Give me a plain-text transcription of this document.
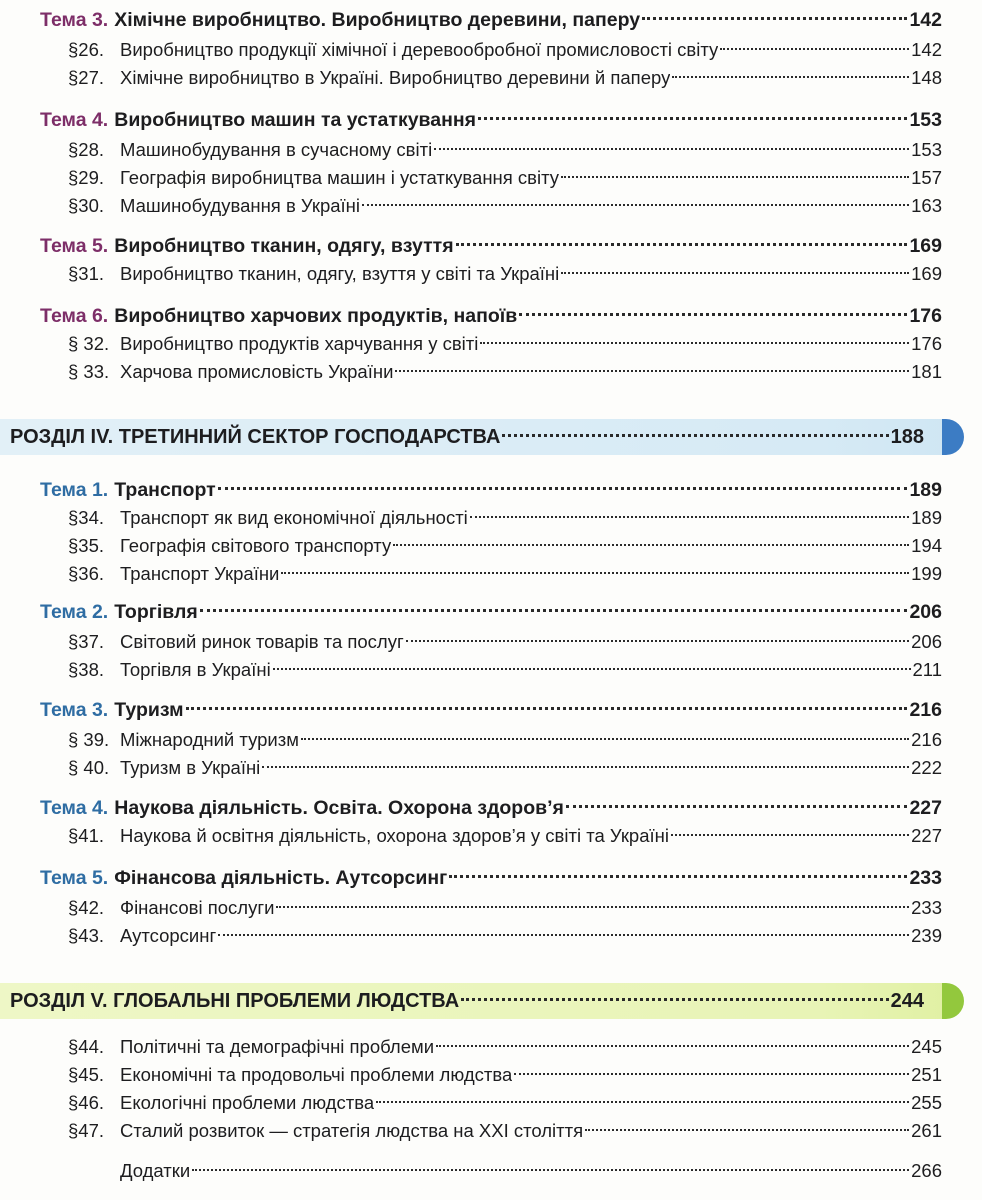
Тема 3. Хімічне виробництво. Виробництво деревини, паперу	142
§26. Виробництво продукції хімічної і деревообробної промисловості світу	142
§27. Хімічне виробництво в Україні. Виробництво деревини й паперу	148
Тема 4. Виробництво машин та устаткування	153
§28. Машинобудування в сучасному світі	153
§29. Географія виробництва машин і устаткування світу	157
§30. Машинобудування в Україні	163
Тема 5. Виробництво тканин, одягу, взуття	169
§31. Виробництво тканин, одягу, взуття у світі та Україні	169
Тема 6. Виробництво харчових продуктів, напоїв	176
§ 32. Виробництво продуктів харчування у світі	176
§ 33. Харчова промисловість України	181
РОЗДІЛ IV. ТРЕТИННИЙ СЕКТОР ГОСПОДАРСТВА	188
Тема 1. Транспорт	189
§34. Транспорт як вид економічної діяльності	189
§35. Географія світового транспорту	194
§36. Транспорт України	199
Тема 2. Торгівля	206
§37. Світовий ринок товарів та послуг	206
§38. Торгівля в Україні	211
Тема 3. Туризм	216
§ 39. Міжнародний туризм	216
§ 40. Туризм в Україні	222
Тема 4. Наукова діяльність. Освіта. Охорона здоров’я	227
§41. Наукова й освітня діяльність, охорона здоров’я у світі та Україні	227
Тема 5. Фінансова діяльність. Аутсорсинг	233
§42. Фінансові послуги	233
§43. Аутсорсинг	239
РОЗДІЛ V. ГЛОБАЛЬНІ ПРОБЛЕМИ ЛЮДСТВА	244
§44. Політичні та демографічні проблеми	245
§45. Економічні та продовольчі проблеми людства	251
§46. Екологічні проблеми людства	255
§47. Сталий розвиток — стратегія людства на XXI століття	261
Додатки	266
